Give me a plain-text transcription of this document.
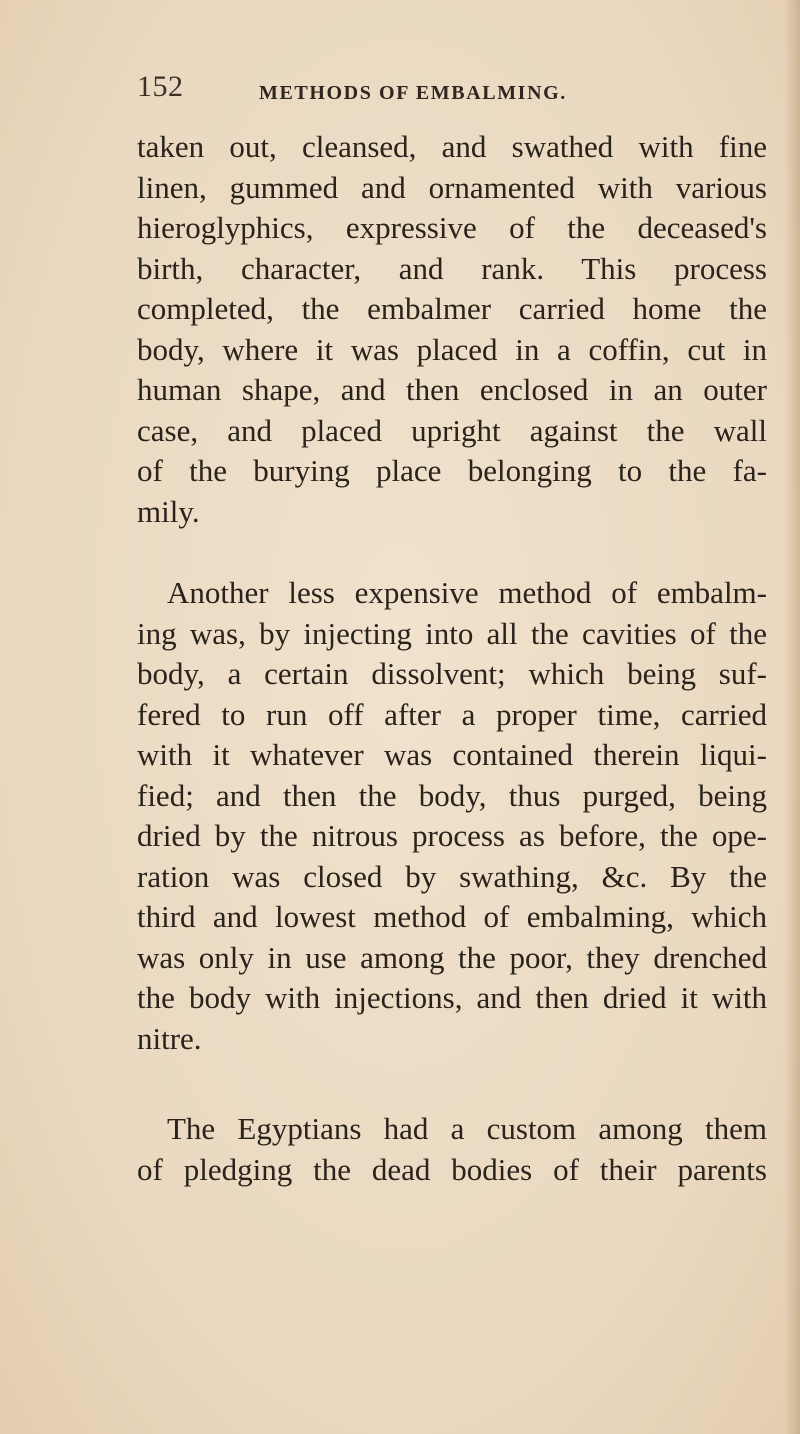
152	METHODS OF EMBALMING.
taken out, cleansed, and swathed with fine
linen, gummed and ornamented with various
hieroglyphics, expressive of the deceased's
birth, character, and rank. This process
completed, the embalmer carried home the
body, where it was placed in a coffin, cut in
human shape, and then enclosed in an outer
case, and placed upright against the wall
of the burying place belonging to the fa-
mily.
Another less expensive method of embalm-
ing was, by injecting into all the cavities of the
body, a certain dissolvent; which being suf-
fered to run off after a proper time, carried
with it whatever was contained therein liqui-
fied; and then the body, thus purged, being
dried by the nitrous process as before, the ope-
ration was closed by swathing, &c. By the
third and lowest method of embalming, which
was only in use among the poor, they drenched
the body with injections, and then dried it with
nitre.
The Egyptians had a custom among them
of pledging the dead bodies of their parents
